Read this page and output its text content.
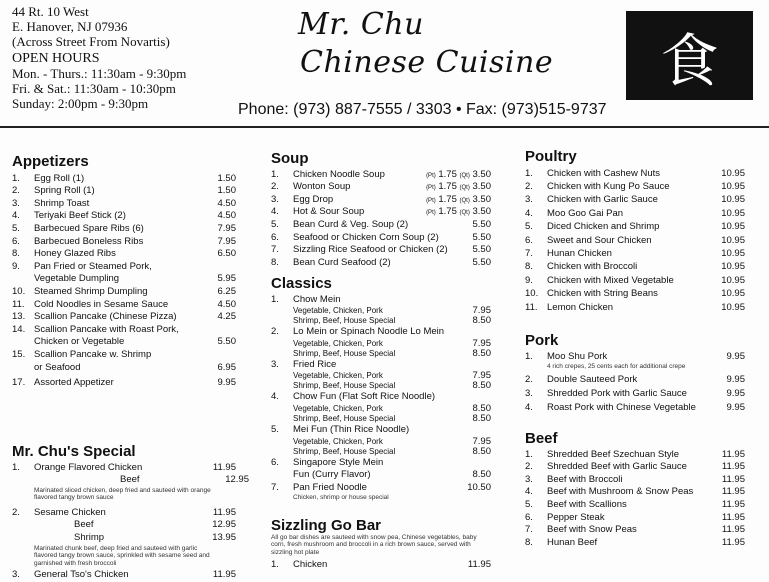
44 Rt. 10 West
E. Hanover, NJ 07936
(Across Street From Novartis)
OPEN HOURS
Mon. - Thurs.: 11:30am - 9:30pm
Fri. & Sat.: 11:30am - 10:30pm
Sunday: 2:00pm - 9:30pm
Mr. Chu
Chinese Cuisine	食
Phone: (973) 887-7555 / 3303 • Fax: (973)515-9737
Appetizers
1. Egg Roll (1)	1.50
2. Spring Roll (1)	1.50
3. Shrimp Toast	4.50
4. Teriyaki Beef Stick (2)	4.50
5. Barbecued Spare Ribs (6)	7.95
6. Barbecued Boneless Ribs	7.95
8. Honey Glazed Ribs	6.50
9. Pan Fried or Steamed Pork,
Vegetable Dumpling	5.95
10. Steamed Shrimp Dumpling	6.25
11. Cold Noodles in Sesame Sauce	4.50
13. Scallion Pancake (Chinese Pizza)	4.25
14. Scallion Pancake with Roast Pork,
Chicken or Vegetable	5.50
15. Scallion Pancake w. Shrimp
or Seafood	6.95
17. Assorted Appetizer	9.95
Mr. Chu's Special
1. Orange Flavored Chicken	11.95
Beef	12.95
Marinated sliced chicken, deep fried and sauteed with orange flavored tangy brown sauce
2. Sesame Chicken	11.95
Beef	12.95
Shrimp	13.95
Marinated chunk beef, deep fried and sauteed with garlic flavored tangy brown sauce, sprinkled with sesame seed and garnished with fresh broccoli
3. General Tso's Chicken	11.95
Soup
1. Chicken Noodle Soup	(Pt) 1.75 (Qt) 3.50
2. Wonton Soup	(Pt) 1.75 (Qt) 3.50
3. Egg Drop	(Pt) 1.75 (Qt) 3.50
4. Hot & Sour Soup	(Pt) 1.75 (Qt) 3.50
5. Bean Curd & Veg. Soup (2)	5.50
6. Seafood or Chicken Corn Soup (2)	5.50
7. Sizzling Rice Seafood or Chicken (2)	5.50
8. Bean Curd Seafood (2)	5.50
Classics
1. Chow Mein
Vegetable, Chicken, Pork	7.95
Shrimp, Beef, House Special	8.50
2. Lo Mein or Spinach Noodle Lo Mein
Vegetable, Chicken, Pork	7.95
Shrimp, Beef, House Special	8.50
3. Fried Rice
Vegetable, Chicken, Pork	7.95
Shrimp, Beef, House Special	8.50
4. Chow Fun (Flat Soft Rice Noodle)
Vegetable, Chicken, Pork	8.50
Shrimp, Beef, House Special	8.50
5. Mei Fun (Thin Rice Noodle)
Vegetable, Chicken, Pork	7.95
Shrimp, Beef, House Special	8.50
6. Singapore Style Mein
Fun (Curry Flavor)	8.50
7. Pan Fried Noodle	10.50
Chicken, shrimp or house special
Sizzling Go Bar
All go bar dishes are sauteed with snow pea, Chinese vegetables, baby corn, fresh mushroom and broccoli in a rich brown sauce, served with sizzling hot plate
1. Chicken	11.95
Poultry
1. Chicken with Cashew Nuts	10.95
2. Chicken with Kung Po Sauce	10.95
3. Chicken with Garlic Sauce	10.95
4. Moo Goo Gai Pan	10.95
5. Diced Chicken and Shrimp	10.95
6. Sweet and Sour Chicken	10.95
7. Hunan Chicken	10.95
8. Chicken with Broccoli	10.95
9. Chicken with Mixed Vegetable	10.95
10. Chicken with String Beans	10.95
11. Lemon Chicken	10.95
Pork
1. Moo Shu Pork	9.95
4 rich crepes, 25 cents each for additional crepe
2. Double Sauteed Pork	9.95
3. Shredded Pork with Garlic Sauce	9.95
4. Roast Pork with Chinese Vegetable	9.95
Beef
1. Shredded Beef Szechuan Style	11.95
2. Shredded Beef with Garlic Sauce	11.95
3. Beef with Broccoli	11.95
4. Beef with Mushroom & Snow Peas	11.95
5. Beef with Scallions	11.95
6. Pepper Steak	11.95
7. Beef with Snow Peas	11.95
8. Hunan Beef	11.95
